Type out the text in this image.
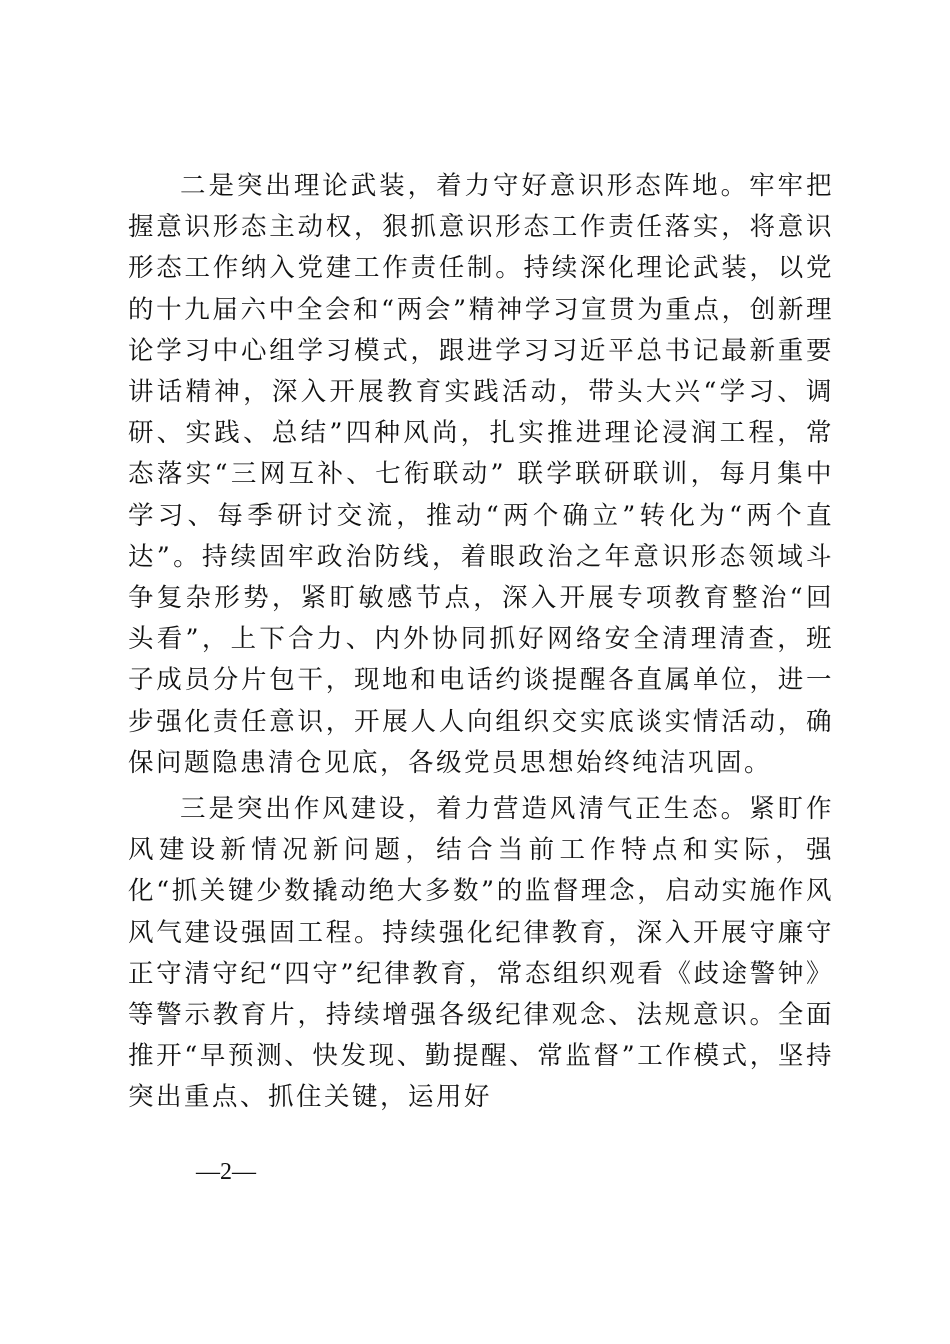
二是突出理论武装，着力守好意识形态阵地。牢牢把握意识形态主动权，狠抓意识形态工作责任落实，将意识形态工作纳入党建工作责任制。持续深化理论武装，以党的十九届六中全会和“两会”精神学习宣贯为重点，创新理论学习中心组学习模式，跟进学习习近平总书记最新重要讲话精神，深入开展教育实践活动，带头大兴“学习、调研、实践、总结”四种风尚，扎实推进理论浸润工程，常态落实“三网互补、七衔联动” 联学联研联训，每月集中学习、每季研讨交流，推动“两个确立”转化为“两个直达”。持续固牢政治防线，着眼政治之年意识形态领域斗争复杂形势，紧盯敏感节点，深入开展专项教育整治“回头看”，上下合力、内外协同抓好网络安全清理清查，班子成员分片包干，现地和电话约谈提醒各直属单位，进一步强化责任意识，开展人人向组织交实底谈实情活动，确保问题隐患清仓见底，各级党员思想始终纯洁巩固。

三是突出作风建设，着力营造风清气正生态。紧盯作风建设新情况新问题，结合当前工作特点和实际，强化“抓关键少数撬动绝大多数”的监督理念，启动实施作风风气建设强固工程。持续强化纪律教育，深入开展守廉守正守清守纪“四守”纪律教育，常态组织观看《歧途警钟》等警示教育片，持续增强各级纪律观念、法规意识。全面推开“早预测、快发现、勤提醒、常监督”工作模式，坚持突出重点、抓住关键，运用好

—2—
